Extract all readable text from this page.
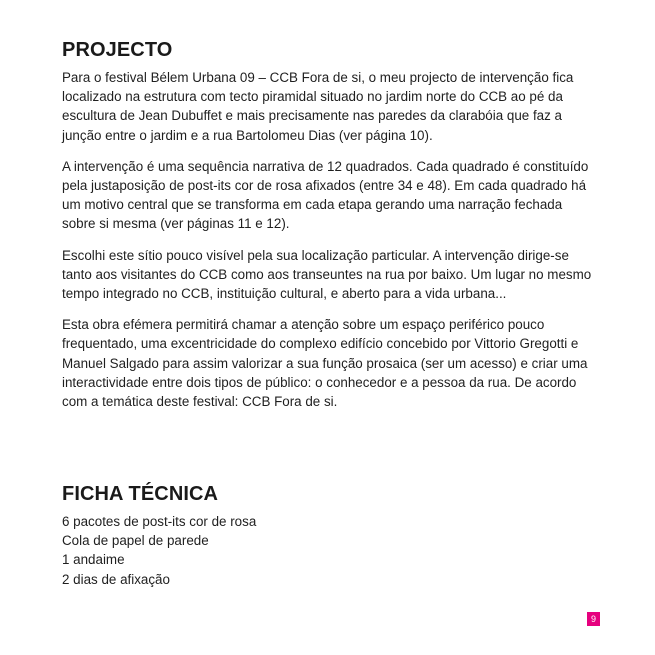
PROJECTO

Para o festival Bélem Urbana 09 – CCB Fora de si, o meu projecto de intervenção fica localizado na estrutura com tecto piramidal situado no jardim norte do CCB ao pé da escultura de Jean Dubuffet e mais precisamente nas paredes da clarabóia que faz a junção entre o jardim e a rua Bartolomeu Dias (ver página 10).

A intervenção é uma sequência narrativa de 12 quadrados. Cada quadrado é constituído pela justaposição de post-its cor de rosa afixados (entre 34 e 48). Em cada quadrado há um motivo central que se transforma em cada etapa gerando uma narração fechada sobre si mesma (ver páginas 11 e 12).

Escolhi este sítio pouco visível pela sua localização particular. A intervenção dirige-se tanto aos visitantes do CCB como aos transeuntes na rua por baixo. Um lugar no mesmo tempo integrado no CCB, instituição cultural, e aberto para a vida urbana...

Esta obra efémera permitirá chamar a atenção sobre um espaço periférico pouco frequentado, uma excentricidade do complexo edifício concebido por Vittorio Gregotti e Manuel Salgado para assim valorizar a sua função prosaica (ser um acesso) e criar uma interactividade entre dois tipos de público: o conhecedor e a pessoa da rua. De acordo com a temática deste festival: CCB Fora de si.

FICHA TÉCNICA
6 pacotes de post-its cor de rosa
Cola de papel de parede
1 andaime
2 dias de afixação
9
